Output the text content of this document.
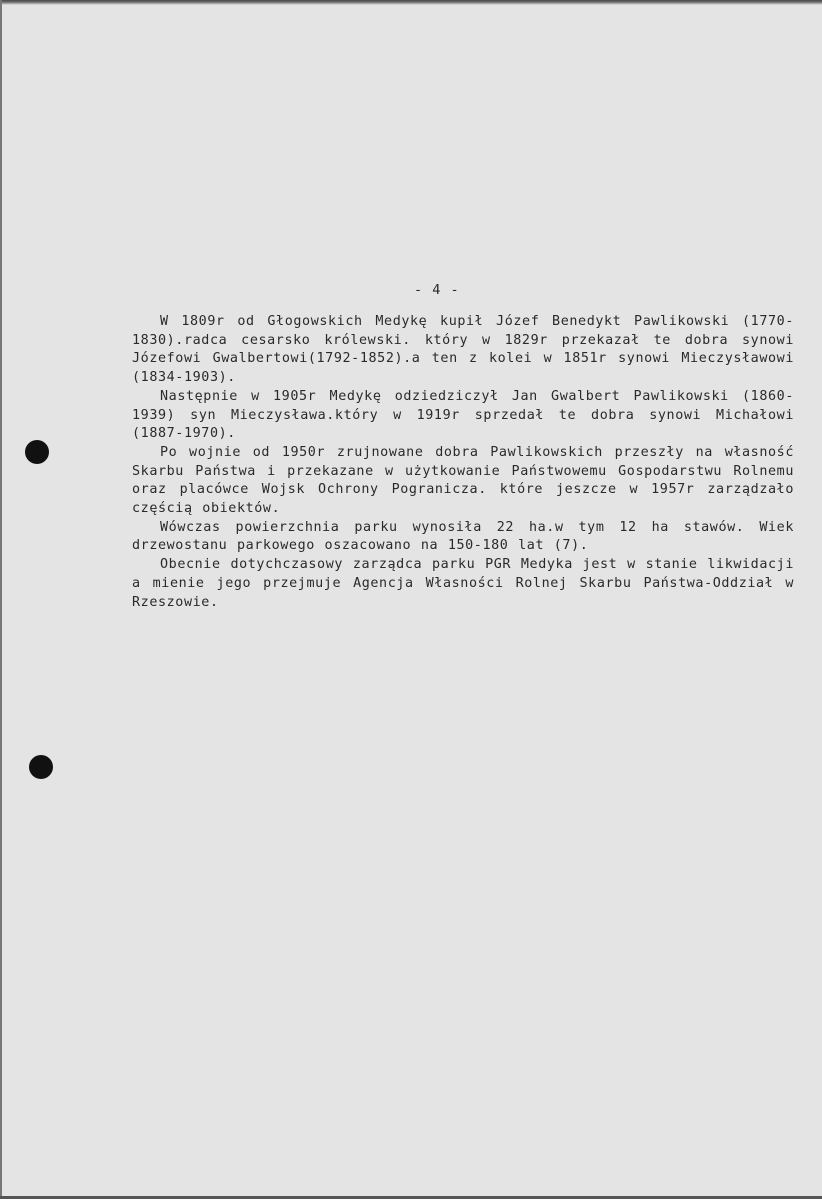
- 4 -

W 1809r od Głogowskich Medykę kupił Józef Benedykt Pawlikowski (1770-1830).radca cesarsko królewski. który w 1829r przekazał te dobra synowi Józefowi Gwalbertowi(1792-1852).a ten z kolei w 1851r synowi Mieczysławowi (1834-1903).

Następnie w 1905r Medykę odziedziczył Jan Gwalbert Pawlikowski (1860-1939) syn Mieczysława.który w 1919r sprzedał te dobra synowi Michałowi (1887-1970).

Po wojnie od 1950r zrujnowane dobra Pawlikowskich przeszły na własność Skarbu Państwa i przekazane w użytkowanie Państwowemu Gospodarstwu Rolnemu oraz placówce Wojsk Ochrony Pogranicza. które jeszcze w 1957r zarządzało częścią obiektów.

Wówczas powierzchnia parku wynosiła 22 ha.w tym 12 ha stawów. Wiek drzewostanu parkowego oszacowano na 150-180 lat (7).

Obecnie dotychczasowy zarządca parku PGR Medyka jest w stanie likwidacji a mienie jego przejmuje Agencja Własności Rolnej Skarbu Państwa-Oddział w Rzeszowie.
